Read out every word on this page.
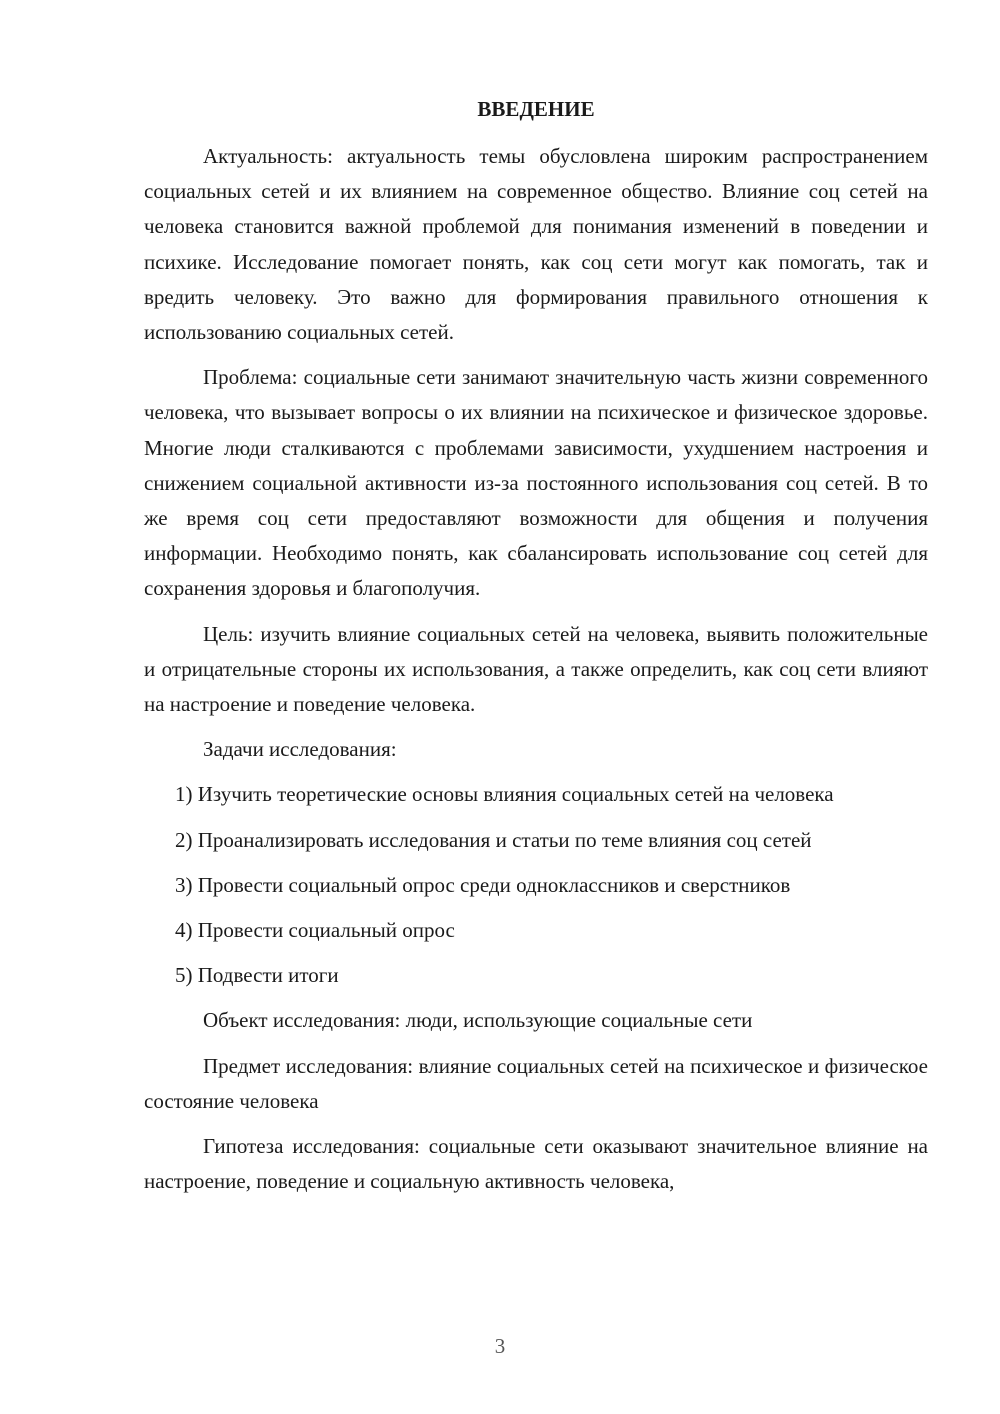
ВВЕДЕНИЕ

Актуальность: актуальность темы обусловлена широким распространением социальных сетей и их влиянием на современное общество. Влияние соц сетей на человека становится важной проблемой для понимания изменений в поведении и психике. Исследование помогает понять, как соц сети могут как помогать, так и вредить человеку. Это важно для формирования правильного отношения к использованию социальных сетей.

Проблема: социальные сети занимают значительную часть жизни современного человека, что вызывает вопросы о их влиянии на психическое и физическое здоровье. Многие люди сталкиваются с проблемами зависимости, ухудшением настроения и снижением социальной активности из-за постоянного использования соц сетей. В то же время соц сети предоставляют возможности для общения и получения информации. Необходимо понять, как сбалансировать использование соц сетей для сохранения здоровья и благополучия.

Цель: изучить влияние социальных сетей на человека, выявить положительные и отрицательные стороны их использования, а также определить, как соц сети влияют на настроение и поведение человека.

Задачи исследования:

1) Изучить теоретические основы влияния социальных сетей на человека

2) Проанализировать исследования и статьи по теме влияния соц сетей

3) Провести социальный опрос среди одноклассников и сверстников

4) Провести социальный опрос

5) Подвести итоги

Объект исследования: люди, использующие социальные сети

Предмет исследования: влияние социальных сетей на психическое и физическое состояние человека

Гипотеза исследования: социальные сети оказывают значительное влияние на настроение, поведение и социальную активность человека,

3
